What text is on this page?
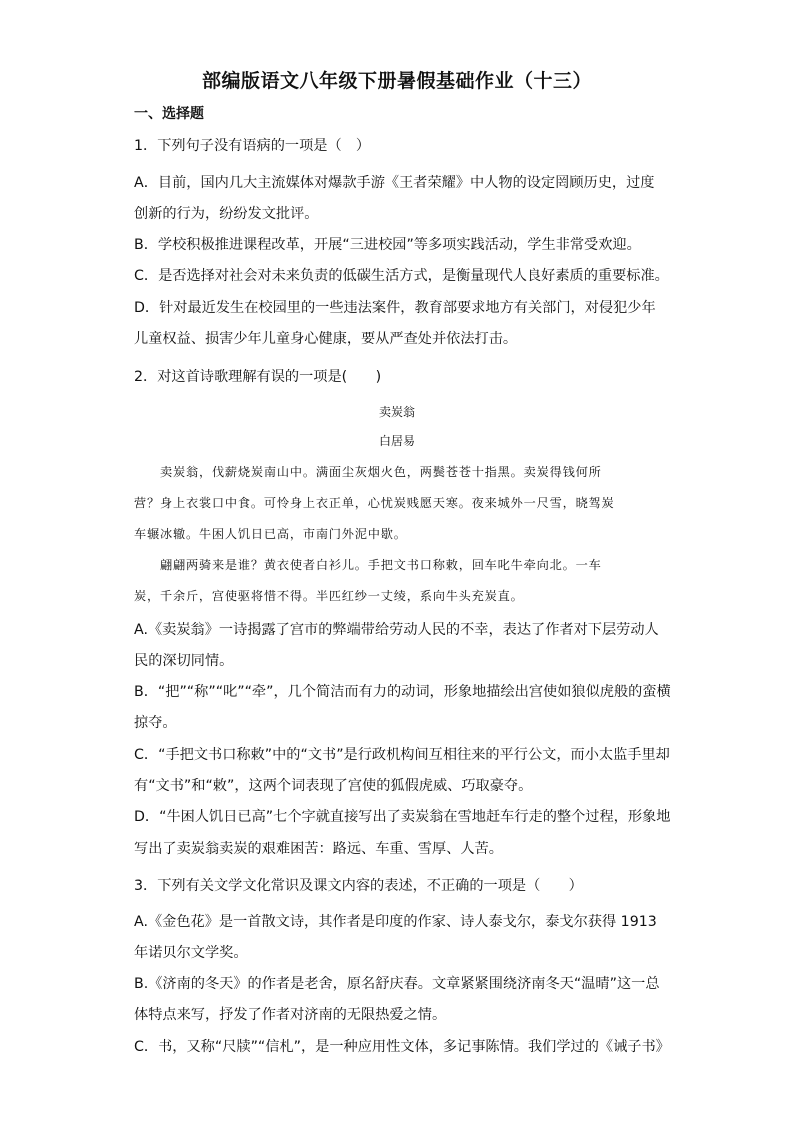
部编版语文八年级下册暑假基础作业（十三）
一、选择题
1．下列句子没有语病的一项是（　）
A．目前，国内几大主流媒体对爆款手游《王者荣耀》中人物的设定罔顾历史，过度
创新的行为，纷纷发文批评。
B．学校积极推进课程改革，开展“三进校园”等多项实践活动，学生非常受欢迎。
C．是否选择对社会对未来负责的低碳生活方式，是衡量现代人良好素质的重要标准。
D．针对最近发生在校园里的一些违法案件，教育部要求地方有关部门，对侵犯少年
儿童权益、损害少年儿童身心健康，要从严查处并依法打击。
2．对这首诗歌理解有误的一项是(　　)
卖炭翁
白居易
卖炭翁，伐薪烧炭南山中。满面尘灰烟火色，两鬓苍苍十指黑。卖炭得钱何所
营？身上衣裳口中食。可怜身上衣正单，心忧炭贱愿天寒。夜来城外一尺雪，晓驾炭
车辗冰辙。牛困人饥日已高，市南门外泥中歇。
翩翩两骑来是谁？黄衣使者白衫儿。手把文书口称敕，回车叱牛牵向北。一车
炭，千余斤，宫使驱将惜不得。半匹红纱一丈绫，系向牛头充炭直。
A.《卖炭翁》一诗揭露了宫市的弊端带给劳动人民的不幸，表达了作者对下层劳动人
民的深切同情。
B．“把”“称”“叱”“牵”，几个简洁而有力的动词，形象地描绘出宫使如狼似虎般的蛮横
掠夺。
C．“手把文书口称敕”中的“文书”是行政机构间互相往来的平行公文，而小太监手里却
有“文书”和“敕”，这两个词表现了宫使的狐假虎威、巧取豪夺。
D．“牛困人饥日已高”七个字就直接写出了卖炭翁在雪地赶车行走的整个过程，形象地
写出了卖炭翁卖炭的艰难困苦：路远、车重、雪厚、人苦。
3．下列有关文学文化常识及课文内容的表述，不正确的一项是（　　）
A.《金色花》是一首散文诗，其作者是印度的作家、诗人泰戈尔，泰戈尔获得 1913
年诺贝尔文学奖。
B.《济南的冬天》的作者是老舍，原名舒庆春。文章紧紧围绕济南冬天“温晴”这一总
体特点来写，抒发了作者对济南的无限热爱之情。
C．书，又称“尺牍”“信札”，是一种应用性文体，多记事陈情。我们学过的《诫子书》
